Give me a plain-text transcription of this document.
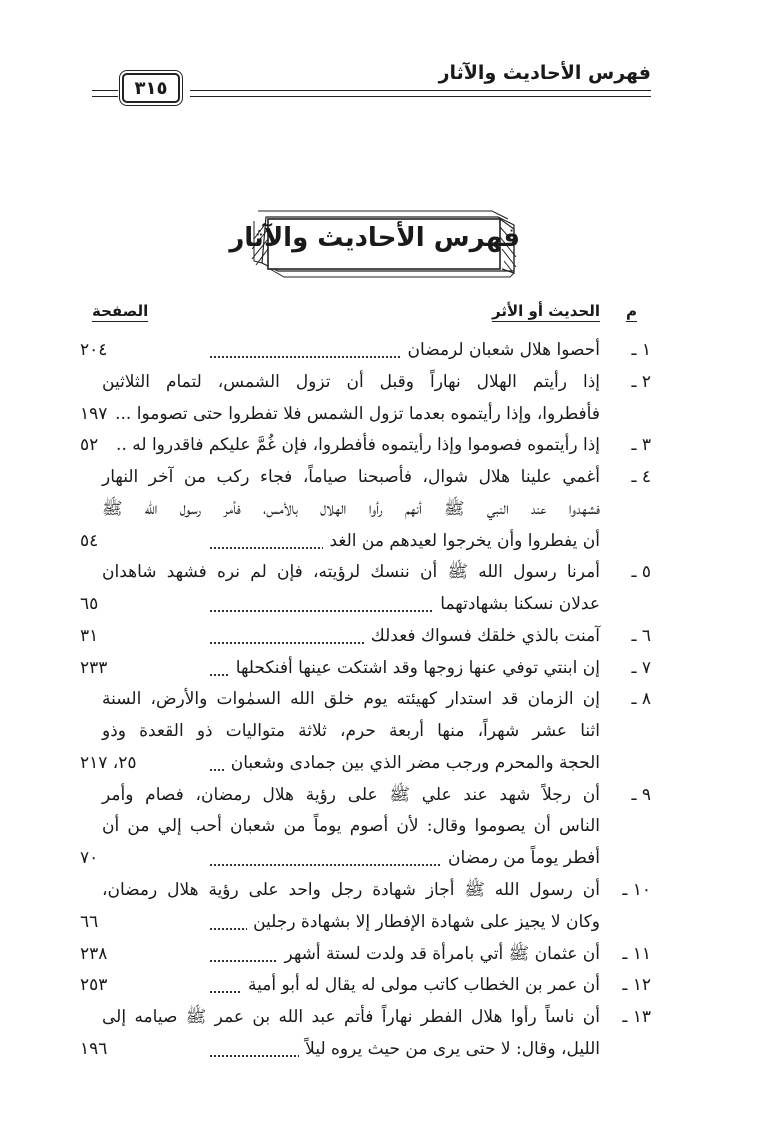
فهرس الأحاديث والآثار
٣١٥
فهرس الأحاديث والآثار
م
الحديث أو الأثر
الصفحة
١ ـ
أحصوا هلال شعبان لرمضان
٢٠٤
٢ ـ
إذا رأيتم الهلال نهاراً وقبل أن تزول الشمس، لتمام الثلاثين
فأفطروا، وإذا رأيتموه بعدما تزول الشمس فلا تفطروا حتى تصوموا ...
١٩٧
٣ ـ
إذا رأيتموه فصوموا وإذا رأيتموه فأفطروا، فإن غُمَّ عليكم فاقدروا له ..
٥٢
٤ ـ
أغمي علينا هلال شوال، فأصبحنا صياماً، فجاء ركب من آخر النهار
فشهدوا عند النبي ﷺ أنهم رأوا الهلال بالأمس، فأمر رسول الله ﷺ
أن يفطروا وأن يخرجوا لعيدهم من الغد
٥٤
٥ ـ
أمرنا رسول الله ﷺ أن ننسك لرؤيته، فإن لم نره فشهد شاهدان
عدلان نسكنا بشهادتهما
٦٥
٦ ـ
آمنت بالذي خلقك فسواك فعدلك
٣١
٧ ـ
إن ابنتي توفي عنها زوجها وقد اشتكت عينها أفنكحلها
٢٣٣
٨ ـ
إن الزمان قد استدار كهيئته يوم خلق الله السمٰوات والأرض، السنة
اثنا عشر شهراً، منها أربعة حرم، ثلاثة متواليات ذو القعدة وذو
الحجة والمحرم ورجب مضر الذي بين جمادى وشعبان
٢٥، ٢١٧
٩ ـ
أن رجلاً شهد عند علي ﷺ على رؤية هلال رمضان، فصام وأمر
الناس أن يصوموا وقال: لأن أصوم يوماً من شعبان أحب إلي من أن
أفطر يوماً من رمضان
٧٠
١٠ ـ
أن رسول الله ﷺ أجاز شهادة رجل واحد على رؤية هلال رمضان،
وكان لا يجيز على شهادة الإفطار إلا بشهادة رجلين
٦٦
١١ ـ
أن عثمان ﷺ أتي بامرأة قد ولدت لستة أشهر
٢٣٨
١٢ ـ
أن عمر بن الخطاب كاتب مولى له يقال له أبو أمية
٢٥٣
١٣ ـ
أن ناساً رأوا هلال الفطر نهاراً فأتم عبد الله بن عمر ﷺ صيامه إلى
الليل، وقال: لا حتى يرى من حيث يروه ليلاً
١٩٦
